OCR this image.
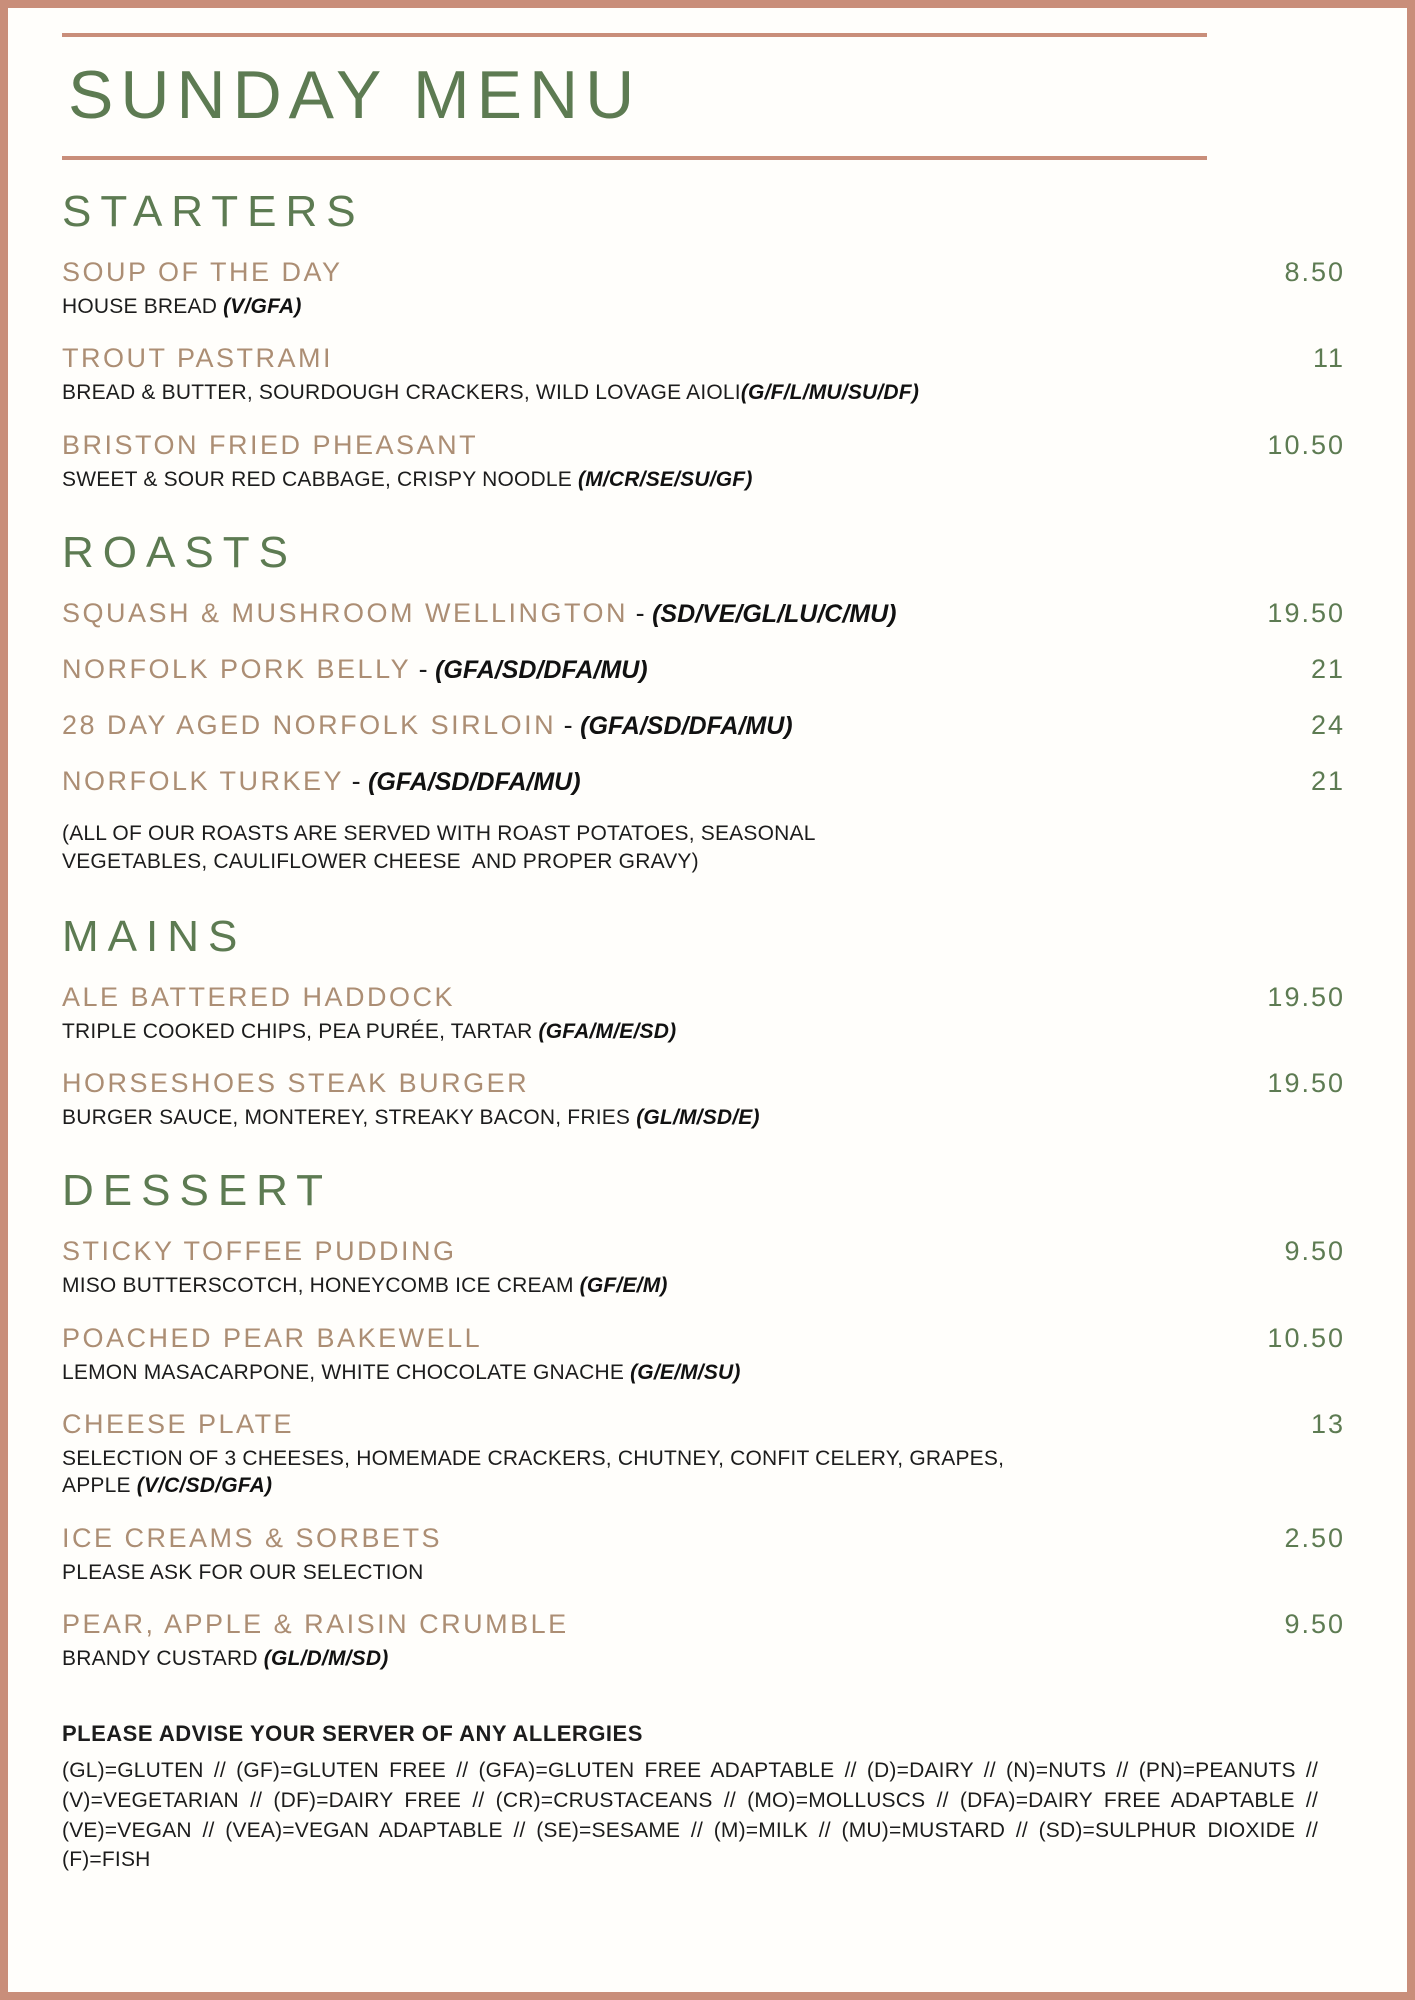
SUNDAY MENU
STARTERS
SOUP OF THE DAY
HOUSE BREAD (V/GFA)
8.50
TROUT PASTRAMI
BREAD & BUTTER, SOURDOUGH CRACKERS, WILD LOVAGE AIOLI(G/F/L/MU/SU/DF)
11
BRISTON FRIED PHEASANT
SWEET & SOUR RED CABBAGE, CRISPY NOODLE (M/CR/SE/SU/GF)
10.50
ROASTS
SQUASH & MUSHROOM WELLINGTON - (SD/VE/GL/LU/C/MU)	19.50
NORFOLK PORK BELLY - (GFA/SD/DFA/MU)	21
28 DAY AGED NORFOLK SIRLOIN - (GFA/SD/DFA/MU)	24
NORFOLK TURKEY - (GFA/SD/DFA/MU)	21

(ALL OF OUR ROASTS ARE SERVED WITH ROAST POTATOES, SEASONAL VEGETABLES, CAULIFLOWER CHEESE  AND PROPER GRAVY)

MAINS
ALE BATTERED HADDOCK
TRIPLE COOKED CHIPS, PEA PURÉE, TARTAR (GFA/M/E/SD)
19.50
HORSESHOES STEAK BURGER
BURGER SAUCE, MONTEREY, STREAKY BACON, FRIES (GL/M/SD/E)
19.50
DESSERT
STICKY TOFFEE PUDDING
MISO BUTTERSCOTCH, HONEYCOMB ICE CREAM (GF/E/M)
9.50
POACHED PEAR BAKEWELL
LEMON MASACARPONE, WHITE CHOCOLATE GNACHE (G/E/M/SU)
10.50
CHEESE PLATE
SELECTION OF 3 CHEESES, HOMEMADE CRACKERS, CHUTNEY, CONFIT CELERY, GRAPES, APPLE (V/C/SD/GFA)
13
ICE CREAMS & SORBETS
PLEASE ASK FOR OUR SELECTION
2.50
PEAR, APPLE & RAISIN CRUMBLE
BRANDY CUSTARD (GL/D/M/SD)
9.50
PLEASE ADVISE YOUR SERVER OF ANY ALLERGIES
(GL)=GLUTEN // (GF)=GLUTEN FREE // (GFA)=GLUTEN FREE ADAPTABLE // (D)=DAIRY // (N)=NUTS // (PN)=PEANUTS // (V)=VEGETARIAN // (DF)=DAIRY FREE // (CR)=CRUSTACEANS // (MO)=MOLLUSCS // (DFA)=DAIRY FREE ADAPTABLE // (VE)=VEGAN // (VEA)=VEGAN ADAPTABLE // (SE)=SESAME // (M)=MILK // (MU)=MUSTARD // (SD)=SULPHUR DIOXIDE // (F)=FISH
